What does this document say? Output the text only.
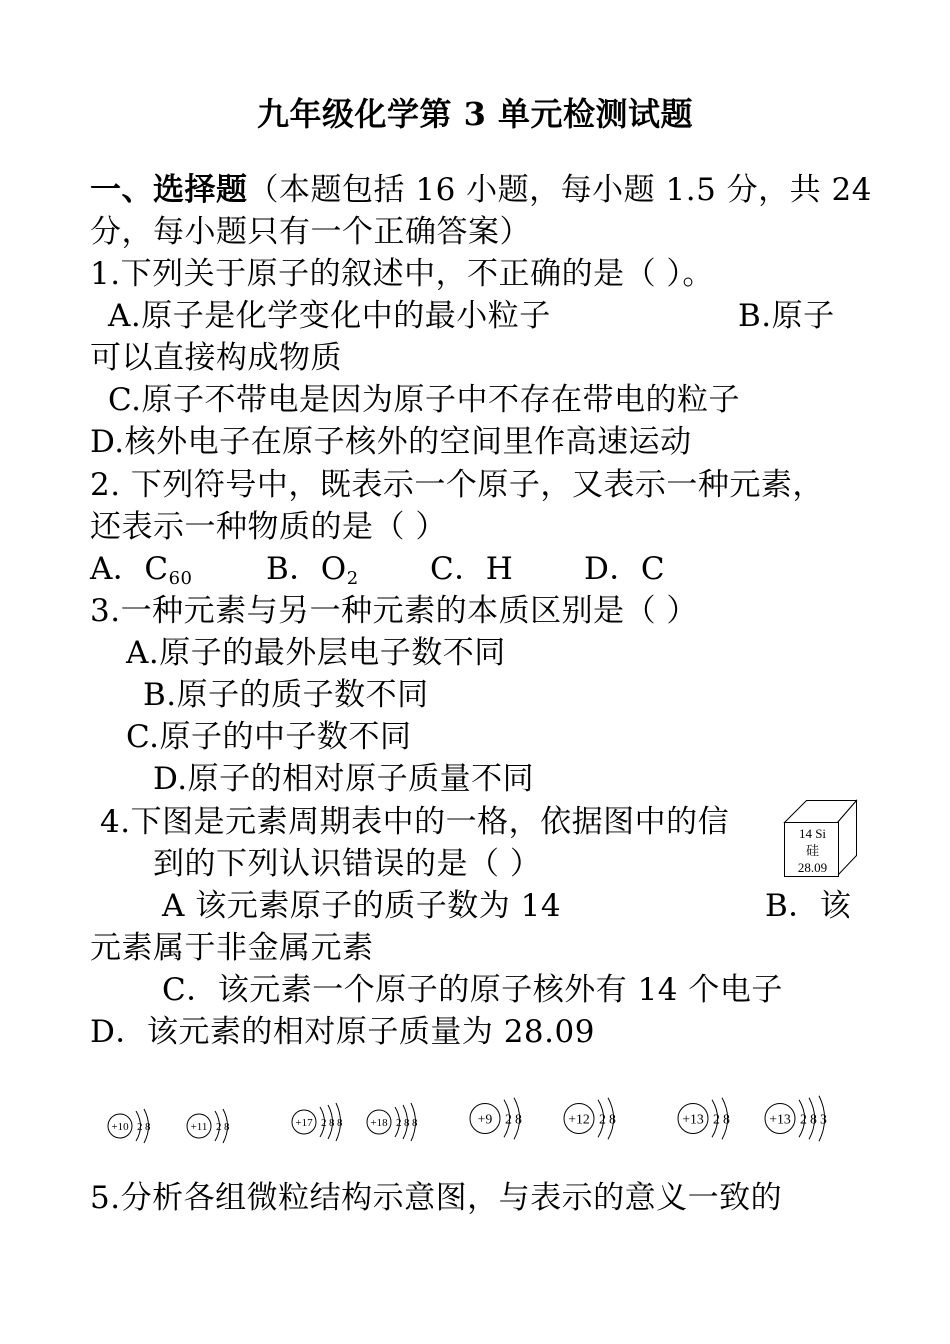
九年级化学第 3 单元检测试题
一、选择题（本题包括 16 小题，每小题 1.5 分，共 24
分，每小题只有一个正确答案）
1.下列关于原子的叙述中，不正确的是（ ）。
A.原子是化学变化中的最小粒子	B.原子
可以直接构成物质
C.原子不带电是因为原子中不存在带电的粒子
D.核外电子在原子核外的空间里作高速运动
2. 下列符号中，既表示一个原子，又表示一种元素，
还表示一种物质的是（ ）
A．$C_{60}$ B．$O_2$ C．H D．C
3.一种元素与另一种元素的本质区别是（ ）
A.原子的最外层电子数不同
B.原子的质子数不同
C.原子的中子数不同
D.原子的相对原子质量不同
4.下图是元素周期表中的一格，依据图中的信
到的下列认识错误的是（ ）
14 Si
硅
28.09
A 该元素原子的质子数为 14	B．该
元素属于非金属元素
C．该元素一个原子的原子核外有 14 个电子
D．该元素的相对原子质量为 28.09
+10 2 8	+11 2 8	+17 2 8 8	+18 2 8 8	+9 2 8	+12 2 8	+13 2 8	+13 2 8 3
5.分析各组微粒结构示意图，与表示的意义一致的
